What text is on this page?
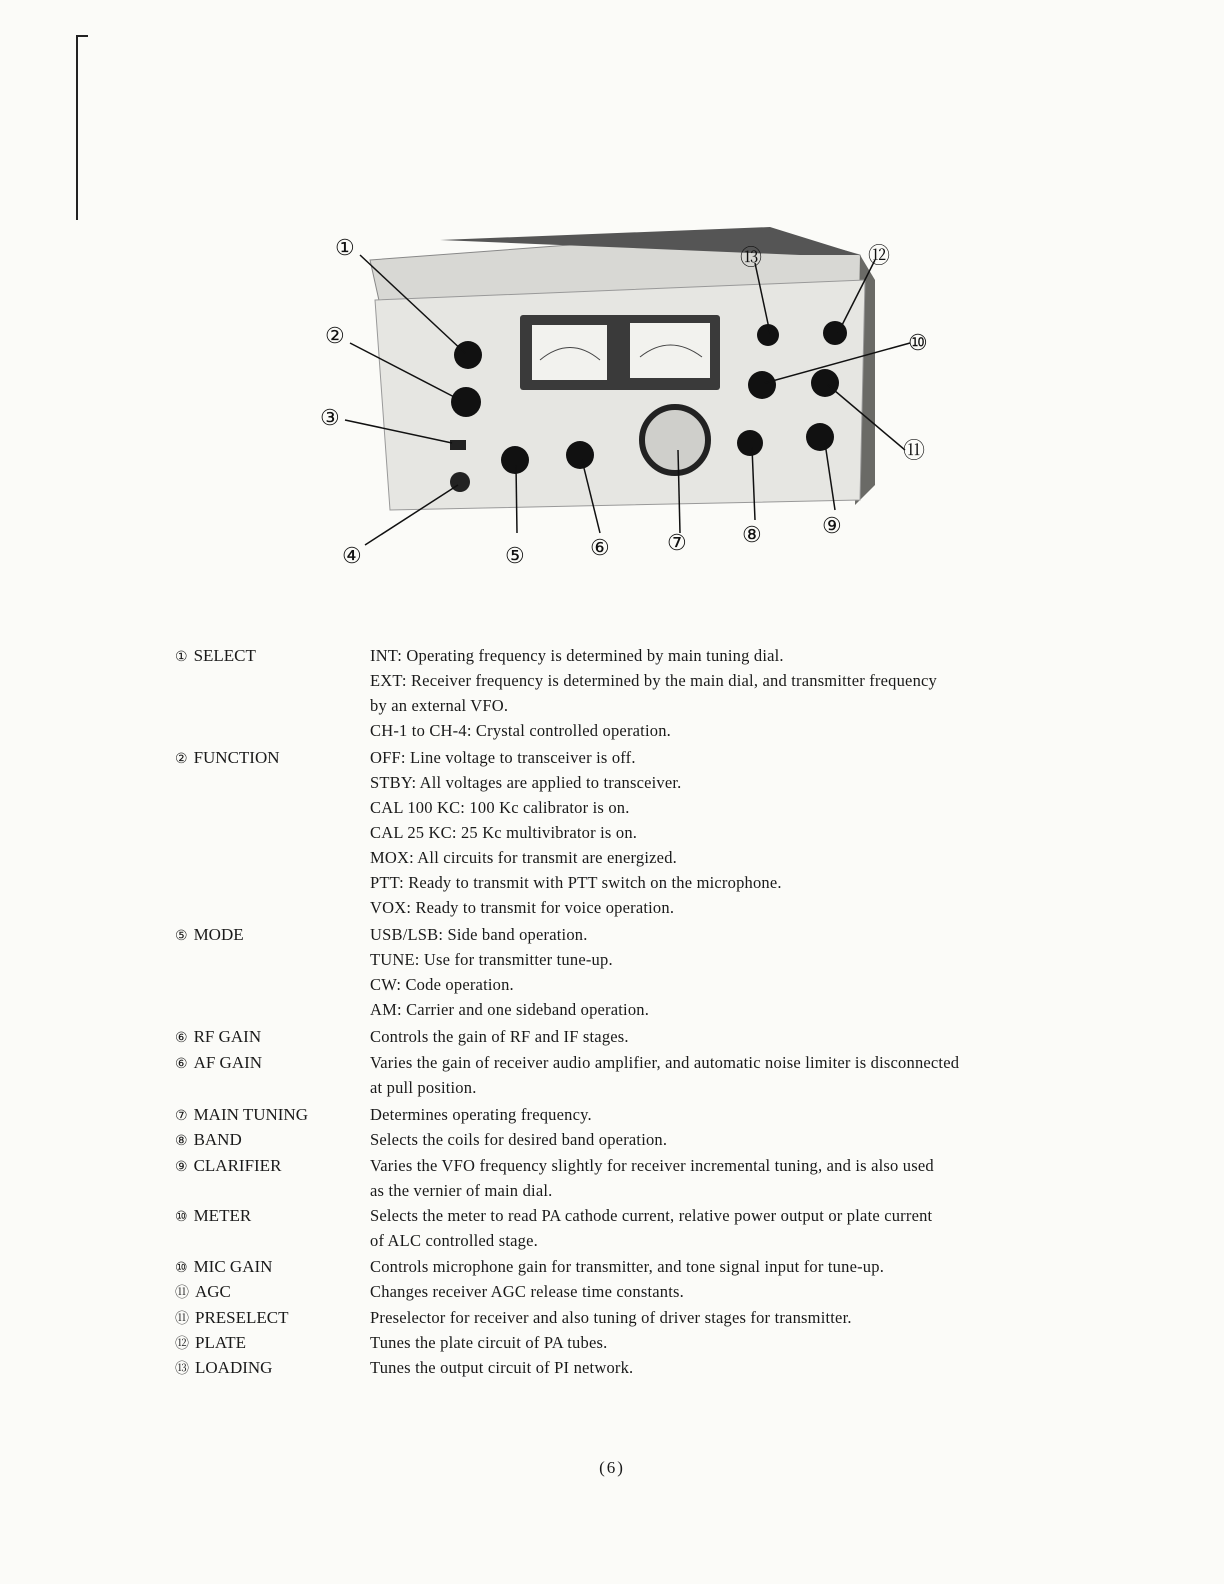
①
②
③
④	⑤	⑥	⑦	⑧	⑨
⑩
⑪
⑫
⑬
① SELECT	INT: Operating frequency is determined by main tuning dial.
EXT: Receiver frequency is determined by the main dial, and transmitter frequency
by an external VFO.
CH-1 to CH-4: Crystal controlled operation.
② FUNCTION	OFF: Line voltage to transceiver is off.
STBY: All voltages are applied to transceiver.
CAL 100 KC: 100 Kc calibrator is on.
CAL 25 KC: 25 Kc multivibrator is on.
MOX: All circuits for transmit are energized.
PTT: Ready to transmit with PTT switch on the microphone.
VOX: Ready to transmit for voice operation.
⑤ MODE	USB/LSB: Side band operation.
TUNE: Use for transmitter tune-up.
CW: Code operation.
AM: Carrier and one sideband operation.
⑥ RF GAIN	Controls the gain of RF and IF stages.
⑥ AF GAIN	Varies the gain of receiver audio amplifier, and automatic noise limiter is disconnected
at pull position.
⑦ MAIN TUNING	Determines operating frequency.
⑧ BAND	Selects the coils for desired band operation.
⑨ CLARIFIER	Varies the VFO frequency slightly for receiver incremental tuning, and is also used
as the vernier of main dial.
⑩ METER	Selects the meter to read PA cathode current, relative power output or plate current
of ALC controlled stage.
⑩ MIC GAIN	Controls microphone gain for transmitter, and tone signal input for tune-up.
⑪ AGC	Changes receiver AGC release time constants.
⑪ PRESELECT	Preselector for receiver and also tuning of driver stages for transmitter.
⑫ PLATE	Tunes the plate circuit of PA tubes.
⑬ LOADING	Tunes the output circuit of PI network.
(6)
